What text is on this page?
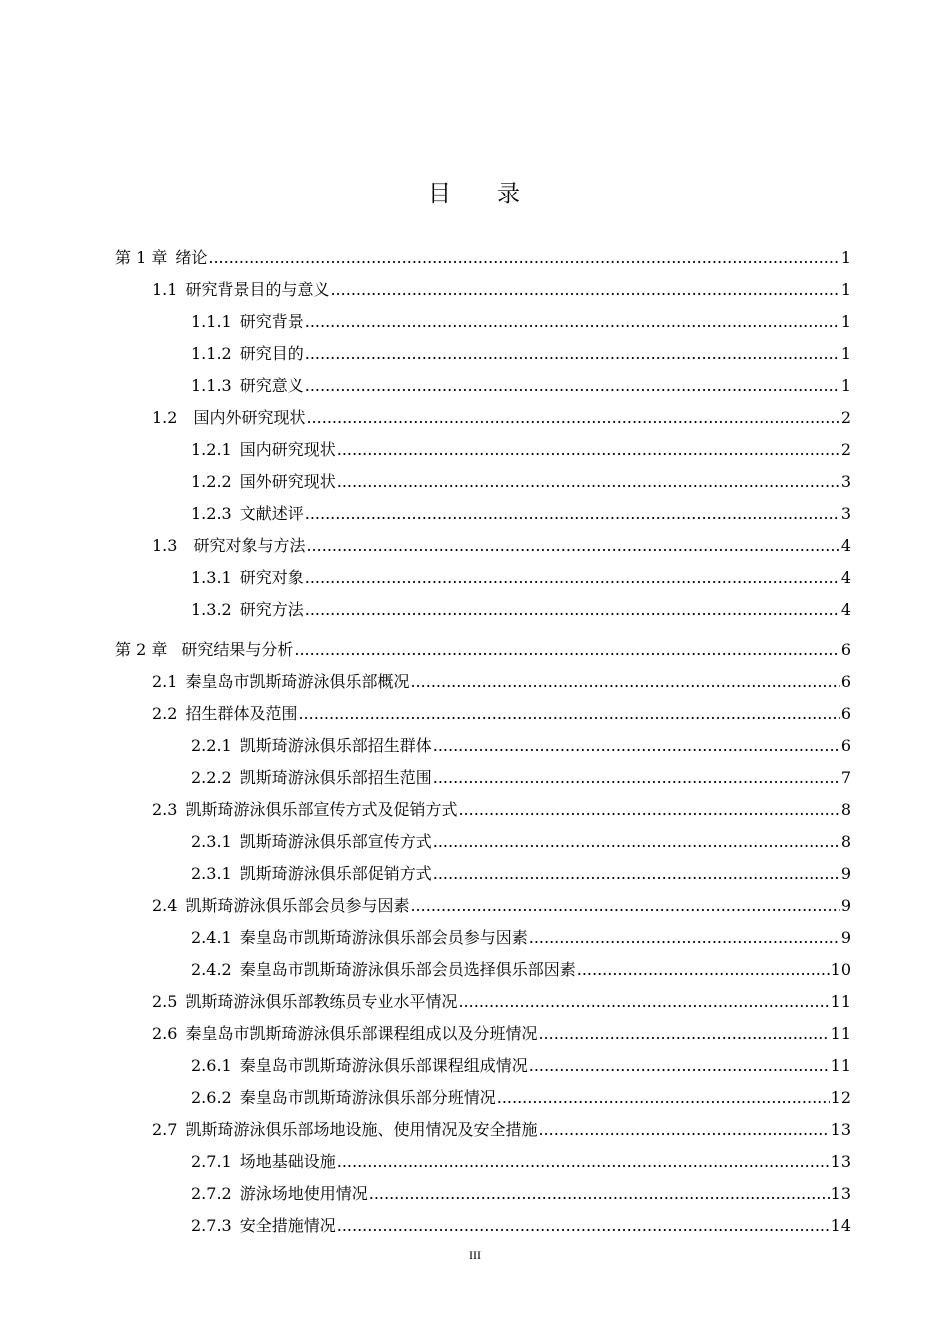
目 录
第 1 章 绪论 .....	1
1.1 研究背景目的与意义 .....	1
1.1.1 研究背景 .....	1
1.1.2 研究目的 .....	1
1.1.3 研究意义 .....	1
1.2 国内外研究现状 .....	2
1.2.1 国内研究现状 .....	2
1.2.2 国外研究现状 .....	3
1.2.3 文献述评 .....	3
1.3 研究对象与方法 .....	4
1.3.1 研究对象 .....	4
1.3.2 研究方法 .....	4
第 2 章 研究结果与分析 .....	6
2.1 秦皇岛市凯斯琦游泳俱乐部概况 .....	6
2.2 招生群体及范围 .....	6
2.2.1 凯斯琦游泳俱乐部招生群体 .....	6
2.2.2 凯斯琦游泳俱乐部招生范围 .....	7
2.3 凯斯琦游泳俱乐部宣传方式及促销方式 .....	8
2.3.1 凯斯琦游泳俱乐部宣传方式 .....	8
2.3.1 凯斯琦游泳俱乐部促销方式 .....	9
2.4 凯斯琦游泳俱乐部会员参与因素 .....	9
2.4.1 秦皇岛市凯斯琦游泳俱乐部会员参与因素 .....	9
2.4.2 秦皇岛市凯斯琦游泳俱乐部会员选择俱乐部因素 .....	10
2.5 凯斯琦游泳俱乐部教练员专业水平情况 .....	11
2.6 秦皇岛市凯斯琦游泳俱乐部课程组成以及分班情况 .....	11
2.6.1 秦皇岛市凯斯琦游泳俱乐部课程组成情况 .....	11
2.6.2 秦皇岛市凯斯琦游泳俱乐部分班情况 .....	12
2.7 凯斯琦游泳俱乐部场地设施、使用情况及安全措施 .....	13
2.7.1 场地基础设施 .....	13
2.7.2 游泳场地使用情况 .....	13
2.7.3 安全措施情况 .....	14
III
